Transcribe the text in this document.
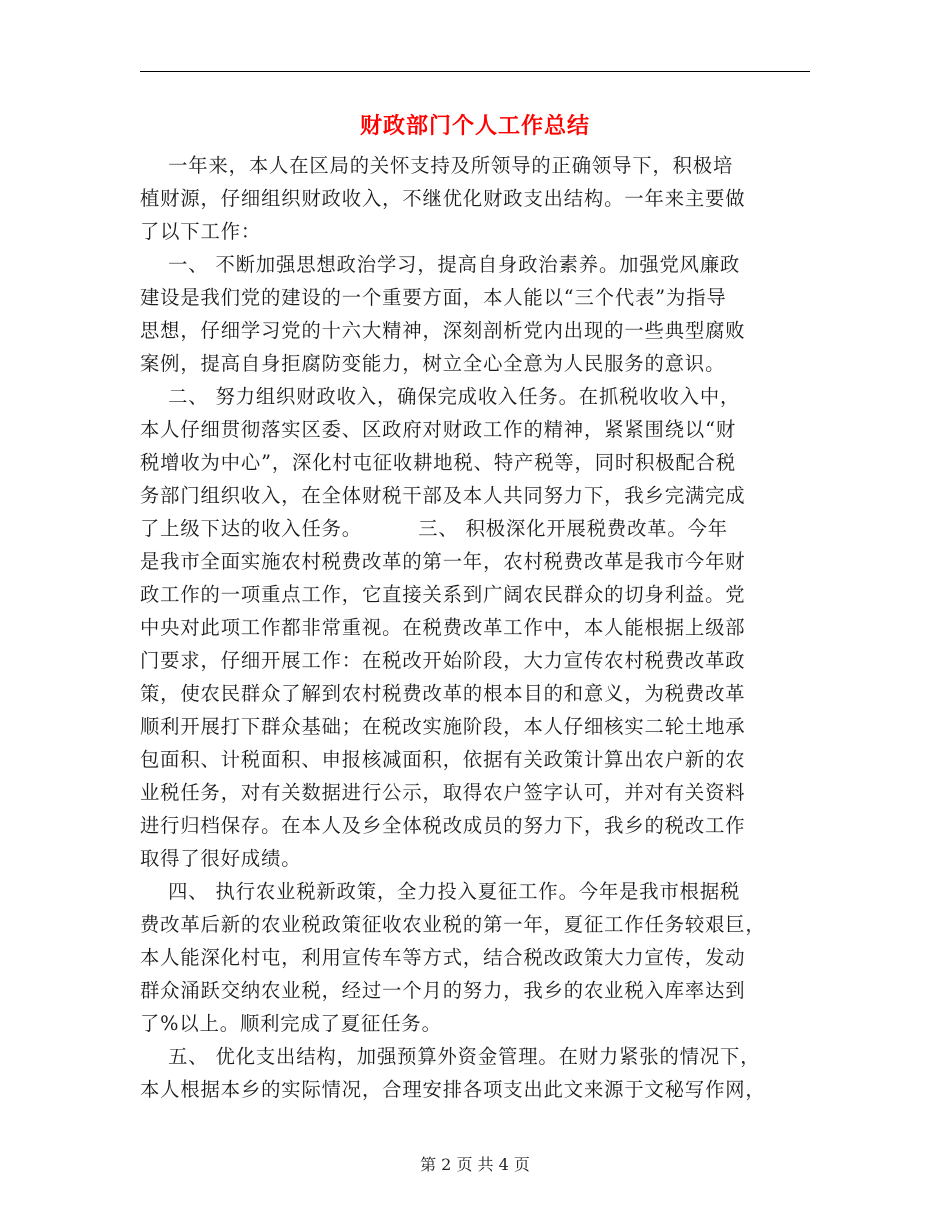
财政部门个人工作总结
一年来，本人在区局的关怀支持及所领导的正确领导下，积极培
植财源，仔细组织财政收入，不继优化财政支出结构。一年来主要做
了以下工作：
一、 不断加强思想政治学习，提高自身政治素养。加强党风廉政
建设是我们党的建设的一个重要方面，本人能以“三个代表”为指导
思想，仔细学习党的十六大精神，深刻剖析党内出现的一些典型腐败
案例，提高自身拒腐防变能力，树立全心全意为人民服务的意识。
二、 努力组织财政收入，确保完成收入任务。在抓税收收入中，
本人仔细贯彻落实区委、区政府对财政工作的精神，紧紧围绕以“财
税增收为中心”，深化村屯征收耕地税、特产税等，同时积极配合税
务部门组织收入，在全体财税干部及本人共同努力下，我乡完满完成
了上级下达的收入任务。        三、 积极深化开展税费改革。今年
是我市全面实施农村税费改革的第一年，农村税费改革是我市今年财
政工作的一项重点工作，它直接关系到广阔农民群众的切身利益。党
中央对此项工作都非常重视。在税费改革工作中，本人能根据上级部
门要求，仔细开展工作：在税改开始阶段，大力宣传农村税费改革政
策，使农民群众了解到农村税费改革的根本目的和意义，为税费改革
顺利开展打下群众基础；在税改实施阶段，本人仔细核实二轮土地承
包面积、计税面积、申报核减面积，依据有关政策计算出农户新的农
业税任务，对有关数据进行公示，取得农户签字认可，并对有关资料
进行归档保存。在本人及乡全体税改成员的努力下，我乡的税改工作
取得了很好成绩。
四、 执行农业税新政策，全力投入夏征工作。今年是我市根据税
费改革后新的农业税政策征收农业税的第一年，夏征工作任务较艰巨，
本人能深化村屯，利用宣传车等方式，结合税改政策大力宣传，发动
群众涌跃交纳农业税，经过一个月的努力，我乡的农业税入库率达到
了%以上。顺利完成了夏征任务。
五、 优化支出结构，加强预算外资金管理。在财力紧张的情况下，
本人根据本乡的实际情况，合理安排各项支出此文来源于文秘写作网，
第 2 页 共 4 页
